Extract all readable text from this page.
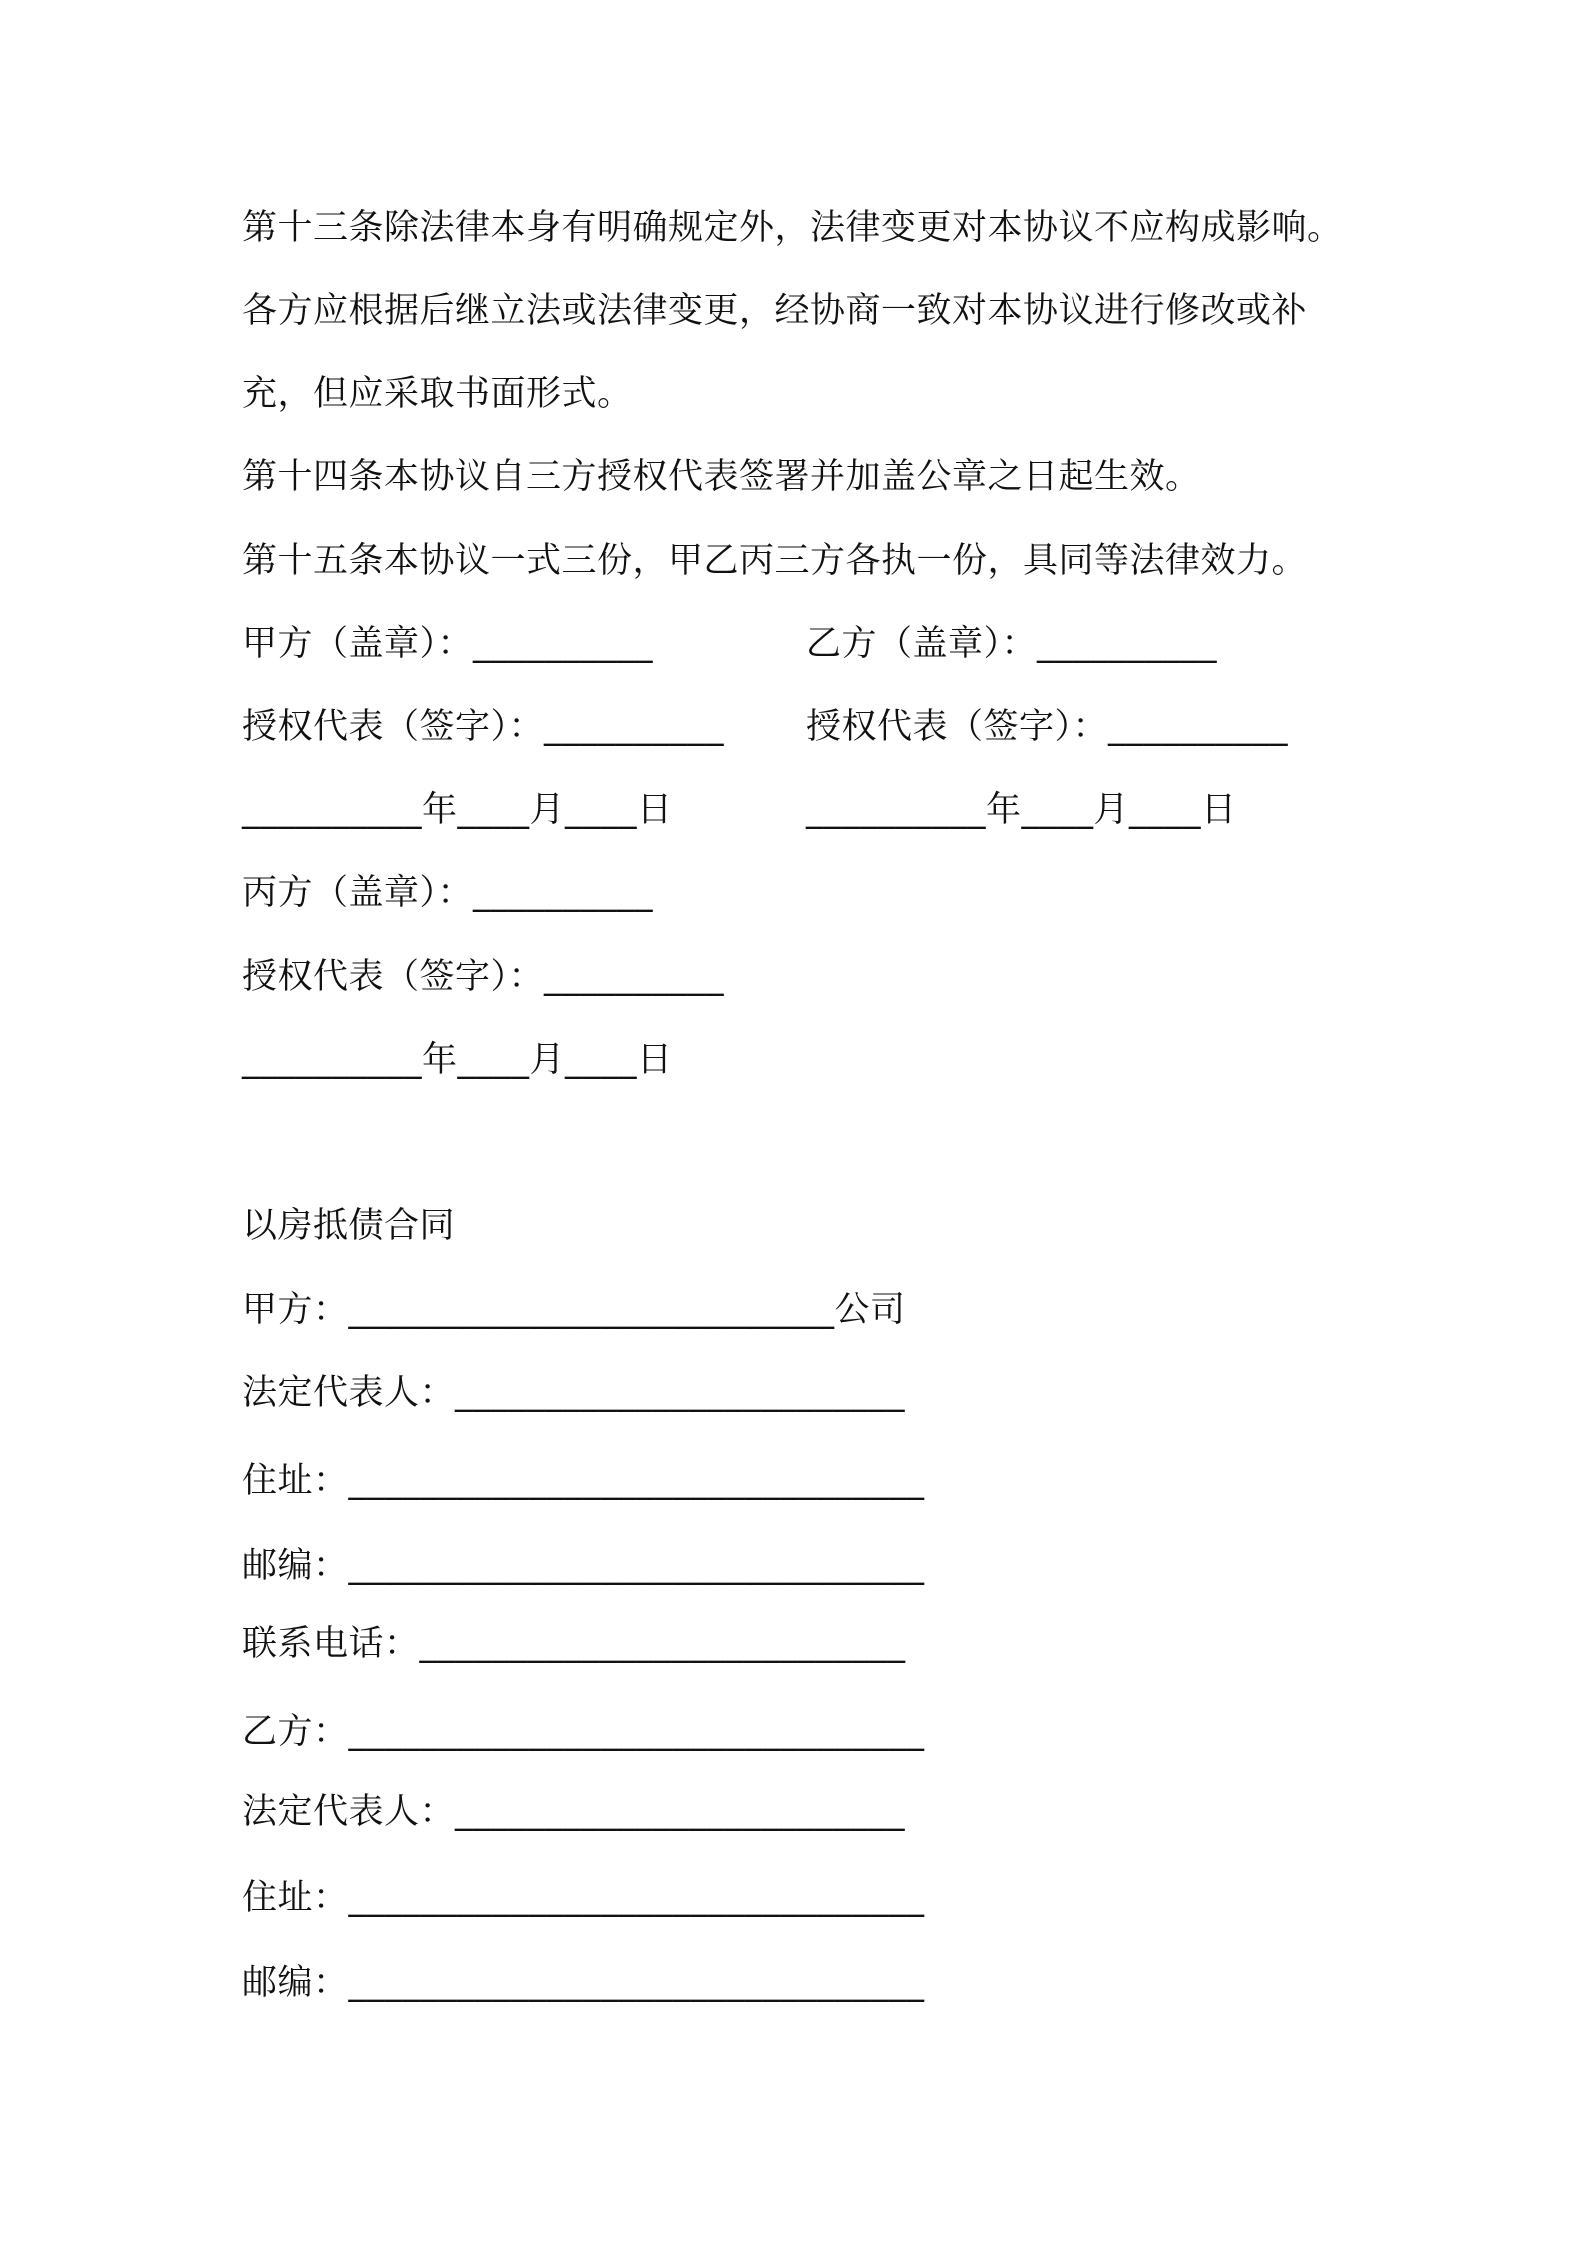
第十三条除法律本身有明确规定外，法律变更对本协议不应构成影响。
各方应根据后继立法或法律变更，经协商一致对本协议进行修改或补
充，但应采取书面形式。
第十四条本协议自三方授权代表签署并加盖公章之日起生效。
第十五条本协议一式三份，甲乙丙三方各执一份，具同等法律效力。
甲方（盖章）：__________	乙方（盖章）：__________
授权代表（签字）：__________ 授权代表（签字）：__________
__________年____月____日	__________年____月____日
丙方（盖章）：__________
授权代表（签字）：__________
__________年____月____日
以房抵债合同
甲方：___________________________公司
法定代表人：_________________________
住址：________________________________
邮编：________________________________
联系电话：___________________________
乙方：________________________________
法定代表人：_________________________
住址：________________________________
邮编：________________________________
